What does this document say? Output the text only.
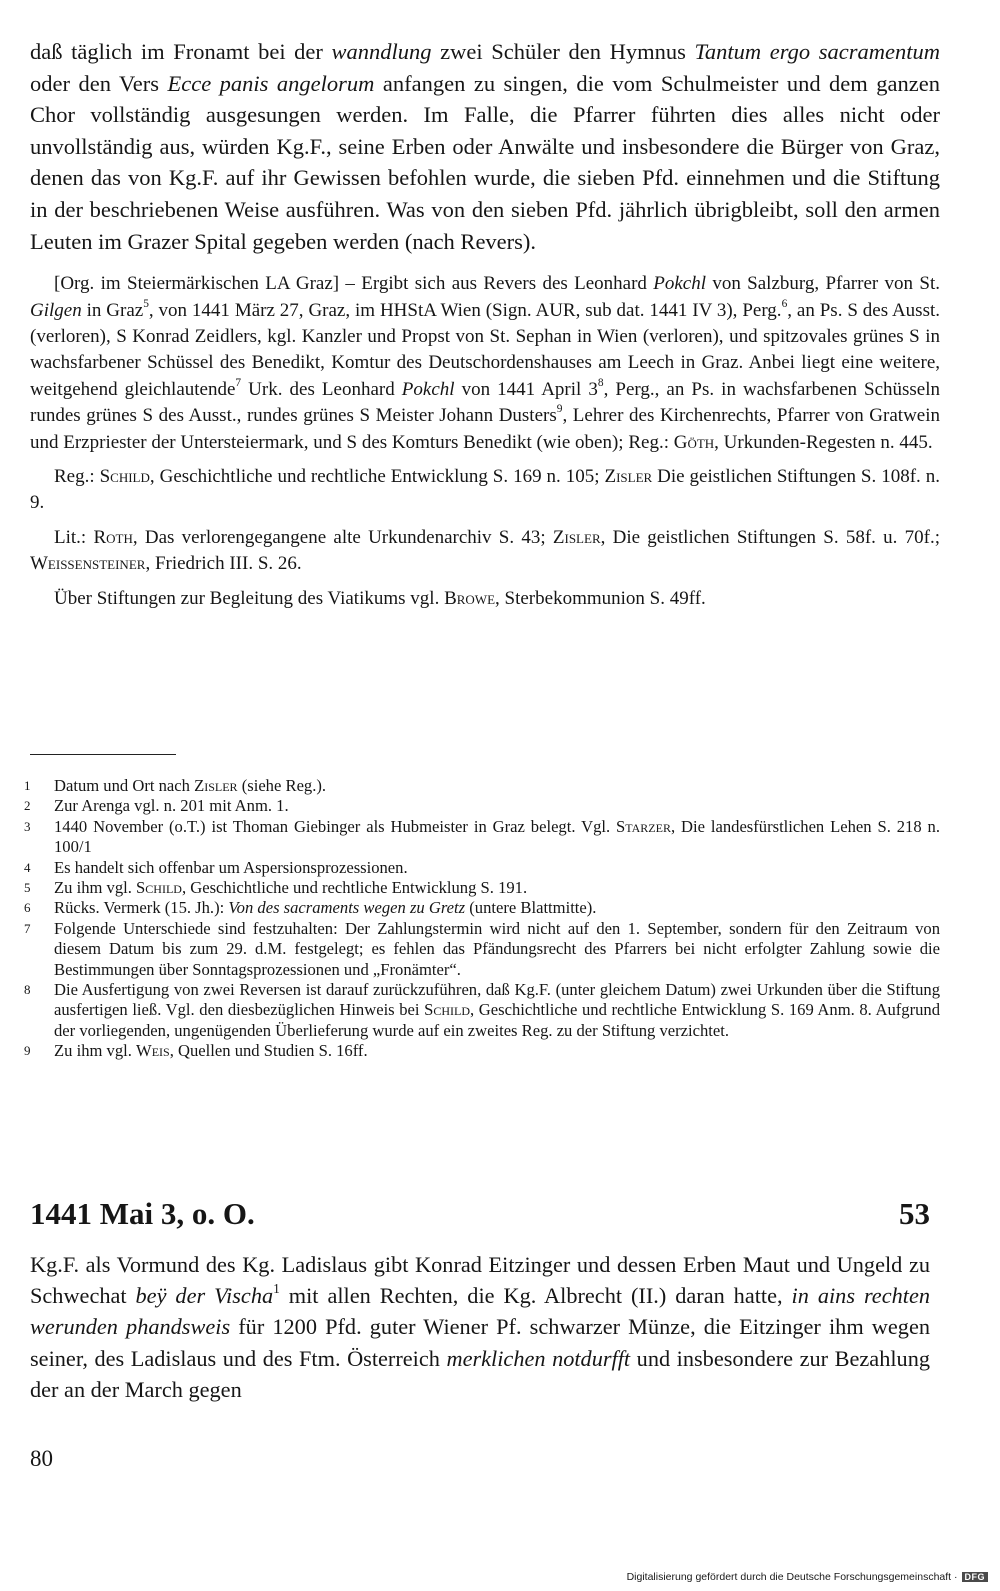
daß täglich im Fronamt bei der wanndlung zwei Schüler den Hymnus Tantum ergo sacramentum oder den Vers Ecce panis angelorum anfangen zu singen, die vom Schulmeister und dem ganzen Chor vollständig ausgesungen werden. Im Falle, die Pfarrer führten dies alles nicht oder unvollständig aus, würden Kg.F., seine Erben oder Anwälte und insbesondere die Bürger von Graz, denen das von Kg.F. auf ihr Gewissen befohlen wurde, die sieben Pfd. einnehmen und die Stiftung in der beschriebenen Weise ausführen. Was von den sieben Pfd. jährlich übrigbleibt, soll den armen Leuten im Grazer Spital gegeben werden (nach Revers).

[Org. im Steiermärkischen LA Graz] – Ergibt sich aus Revers des Leonhard Pokchl von Salzburg, Pfarrer von St. Gilgen in Graz$^5$, von 1441 März 27, Graz, im HHStA Wien (Sign. AUR, sub dat. 1441 IV 3), Perg.$^6$, an Ps. S des Ausst. (verloren), S Konrad Zeidlers, kgl. Kanzler und Propst von St. Sephan in Wien (verloren), und spitzovales grünes S in wachsfarbener Schüssel des Benedikt, Komtur des Deutschordenshauses am Leech in Graz. Anbei liegt eine weitere, weitgehend gleichlautende$^7$ Urk. des Leonhard Pokchl von 1441 April $3^8$, Perg., an Ps. in wachsfarbenen Schüsseln rundes grünes S des Ausst., rundes grünes S Meister Johann Dusters$^9$, Lehrer des Kirchenrechts, Pfarrer von Gratwein und Erzpriester der Untersteiermark, und S des Komturs Benedikt (wie oben); Reg.: Göth, Urkunden-Regesten n. 445.

Reg.: Schild, Geschichtliche und rechtliche Entwicklung S. 169 n. 105; Zisler Die geistlichen Stiftungen S. 108f. n. 9.

Lit.: Roth, Das verlorengegangene alte Urkundenarchiv S. 43; Zisler, Die geistlichen Stiftungen S. 58f. u. 70f.; Weissensteiner, Friedrich III. S. 26.

Über Stiftungen zur Begleitung des Viatikums vgl. Browe, Sterbekommunion S. 49ff.

1	Datum und Ort nach Zisler (siehe Reg.).
2	Zur Arenga vgl. n. 201 mit Anm. 1.
3	1440 November (o.T.) ist Thoman Giebinger als Hubmeister in Graz belegt. Vgl. Starzer, Die landesfürstlichen Lehen S. 218 n. 100/1
4	Es handelt sich offenbar um Aspersionsprozessionen.
5	Zu ihm vgl. Schild, Geschichtliche und rechtliche Entwicklung S. 191.
6	Rücks. Vermerk (15. Jh.): Von des sacraments wegen zu Gretz (untere Blattmitte).
7	Folgende Unterschiede sind festzuhalten: Der Zahlungstermin wird nicht auf den 1. September, sondern für den Zeitraum von diesem Datum bis zum 29. d.M. festgelegt; es fehlen das Pfändungsrecht des Pfarrers bei nicht erfolgter Zahlung sowie die Bestimmungen über Sonntagsprozessionen und „Fronämter“.
8	Die Ausfertigung von zwei Reversen ist darauf zurückzuführen, daß Kg.F. (unter gleichem Datum) zwei Urkunden über die Stiftung ausfertigen ließ. Vgl. den diesbezüglichen Hinweis bei Schild, Geschichtliche und rechtliche Entwicklung S. 169 Anm. 8. Aufgrund der vorliegenden, ungenügenden Überlieferung wurde auf ein zweites Reg. zu der Stiftung verzichtet.
9	Zu ihm vgl. Weis, Quellen und Studien S. 16ff.
1441 Mai 3, o. O.	53

Kg.F. als Vormund des Kg. Ladislaus gibt Konrad Eitzinger und dessen Erben Maut und Ungeld zu Schwechat beÿ der Vischa$^1$ mit allen Rechten, die Kg. Albrecht (II.) daran hatte, in ains rechten werunden phandsweis für 1200 Pfd. guter Wiener Pf. schwarzer Münze, die Eitzinger ihm wegen seiner, des Ladislaus und des Ftm. Österreich merklichen notdurfft und insbesondere zur Bezahlung der an der March gegen

80
Digitalisierung gefördert durch die Deutsche Forschungsgemeinschaft · DFG
